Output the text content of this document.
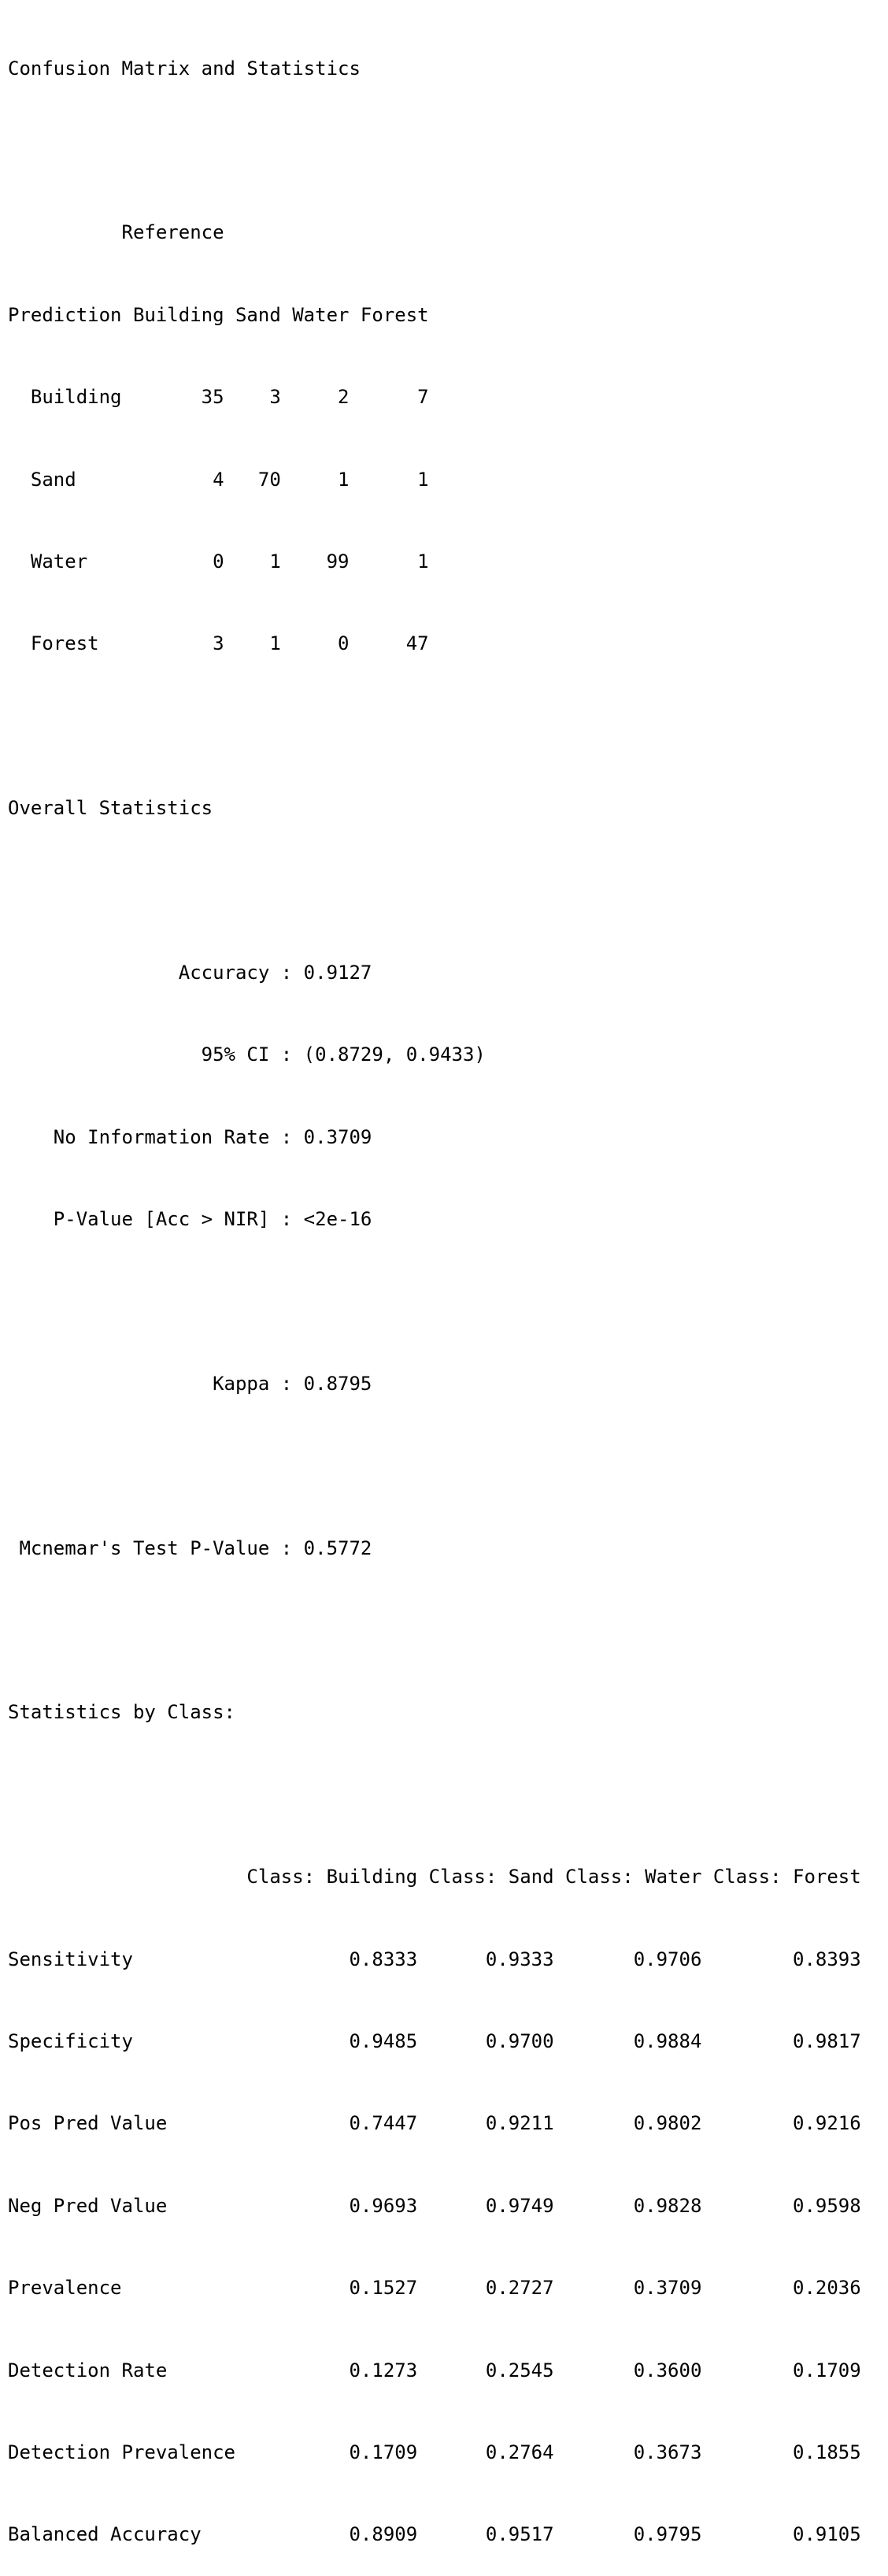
Confusion Matrix and Statistics

Reference

Prediction Building Sand Water Forest

Building       35    3     2      7

Sand            4   70     1      1

Water           0    1    99      1

Forest          3    1     0     47

Overall Statistics

Accuracy : 0.9127

95% CI : (0.8729, 0.9433)

No Information Rate : 0.3709

P-Value [Acc > NIR] : <2e-16

Kappa : 0.8795

Mcnemar's Test P-Value : 0.5772

Statistics by Class:

Class: Building Class: Sand Class: Water Class: Forest

Sensitivity                   0.8333      0.9333       0.9706        0.8393

Specificity                   0.9485      0.9700       0.9884        0.9817

Pos Pred Value                0.7447      0.9211       0.9802        0.9216

Neg Pred Value                0.9693      0.9749       0.9828        0.9598

Prevalence                    0.1527      0.2727       0.3709        0.2036

Detection Rate                0.1273      0.2545       0.3600        0.1709

Detection Prevalence          0.1709      0.2764       0.3673        0.1855

Balanced Accuracy             0.8909      0.9517       0.9795        0.9105
